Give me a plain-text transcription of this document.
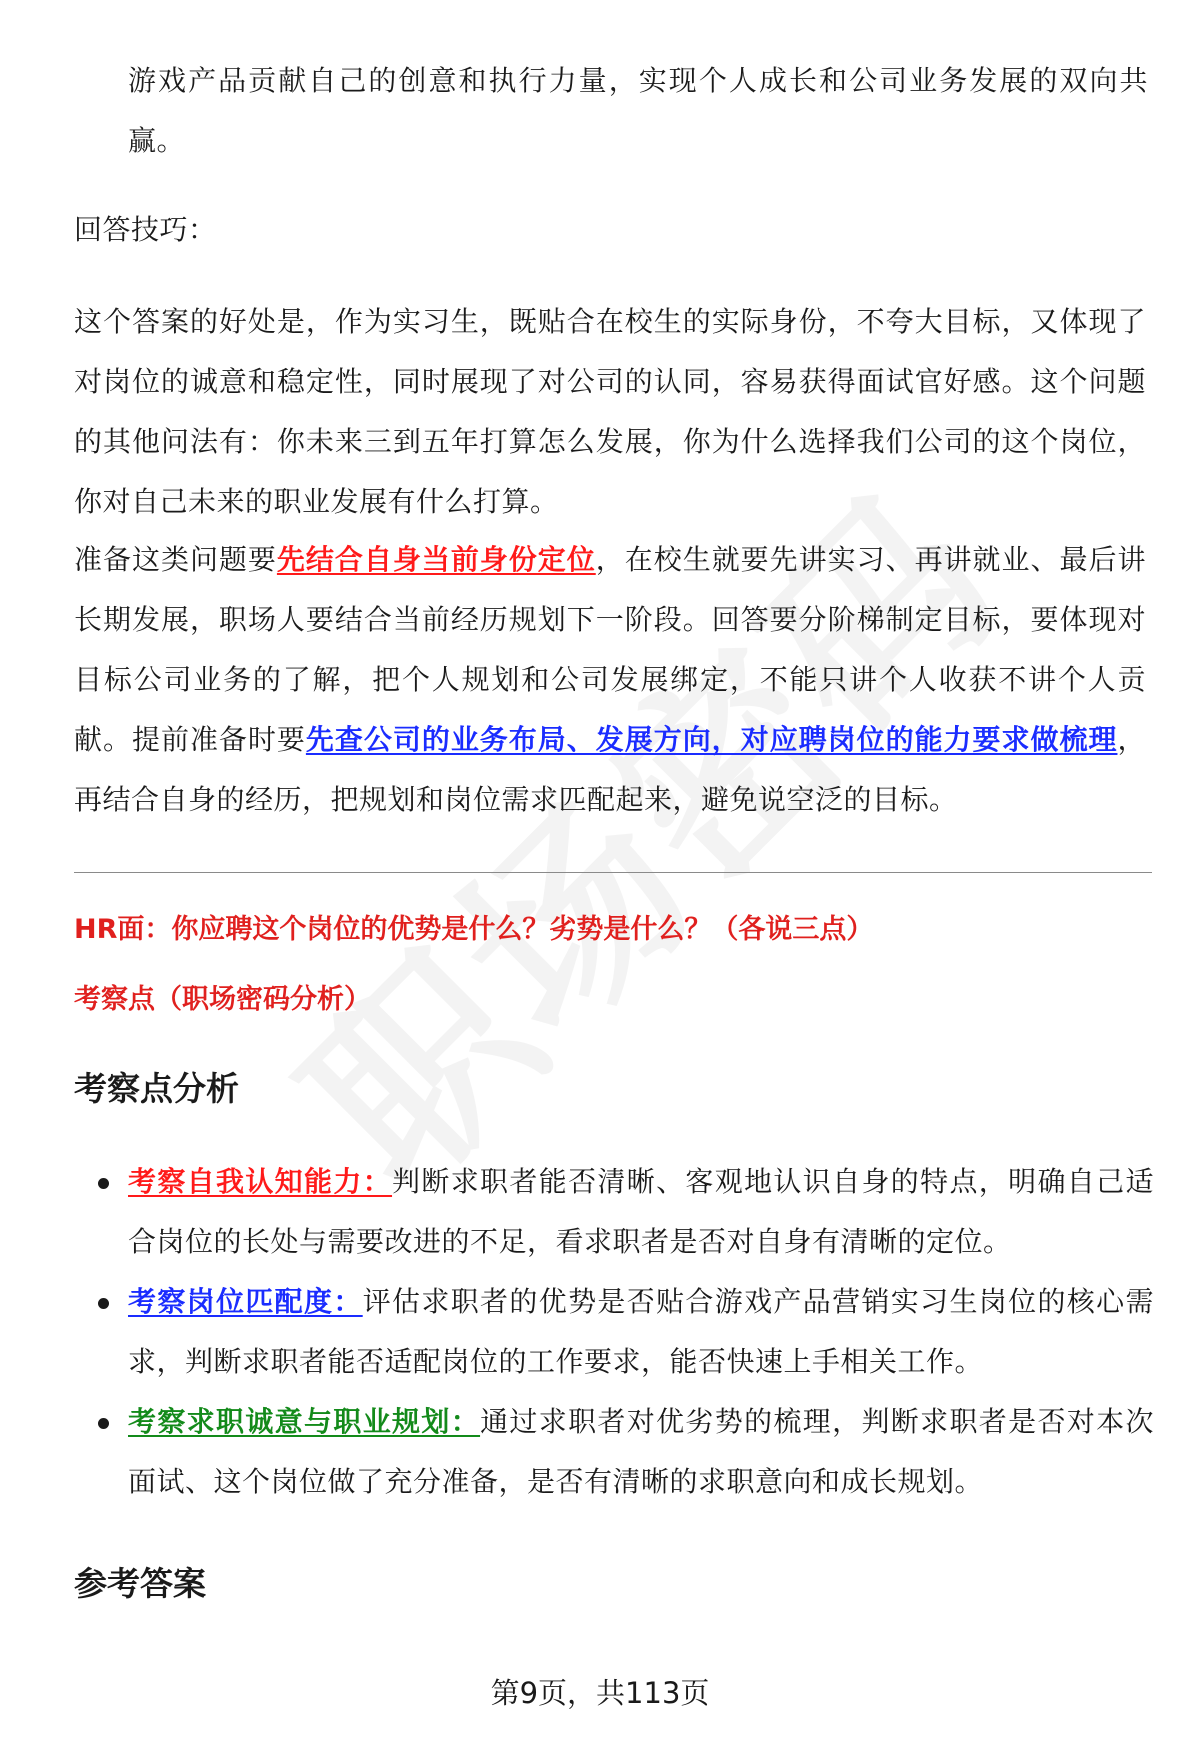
游戏产品贡献自己的创意和执行力量，实现个人成长和公司业务发展的双向共赢。
回答技巧：
这个答案的好处是，作为实习生，既贴合在校生的实际身份，不夸大目标，又体现了对岗位的诚意和稳定性，同时展现了对公司的认同，容易获得面试官好感。这个问题的其他问法有：你未来三到五年打算怎么发展，你为什么选择我们公司的这个岗位，你对自己未来的职业发展有什么打算。
准备这类问题要先结合自身当前身份定位，在校生就要先讲实习、再讲就业、最后讲长期发展，职场人要结合当前经历规划下一阶段。回答要分阶梯制定目标，要体现对目标公司业务的了解，把个人规划和公司发展绑定，不能只讲个人收获不讲个人贡献。提前准备时要先查公司的业务布局、发展方向，对应聘岗位的能力要求做梳理，再结合自身的经历，把规划和岗位需求匹配起来，避免说空泛的目标。
HR面：你应聘这个岗位的优势是什么？劣势是什么？（各说三点）
考察点（职场密码分析）
考察点分析
考察自我认知能力：判断求职者能否清晰、客观地认识自身的特点，明确自己适合岗位的长处与需要改进的不足，看求职者是否对自身有清晰的定位。
考察岗位匹配度：评估求职者的优势是否贴合游戏产品营销实习生岗位的核心需求，判断求职者能否适配岗位的工作要求，能否快速上手相关工作。
考察求职诚意与职业规划：通过求职者对优劣势的梳理，判断求职者是否对本次面试、这个岗位做了充分准备，是否有清晰的求职意向和成长规划。
参考答案
第9页，共113页
